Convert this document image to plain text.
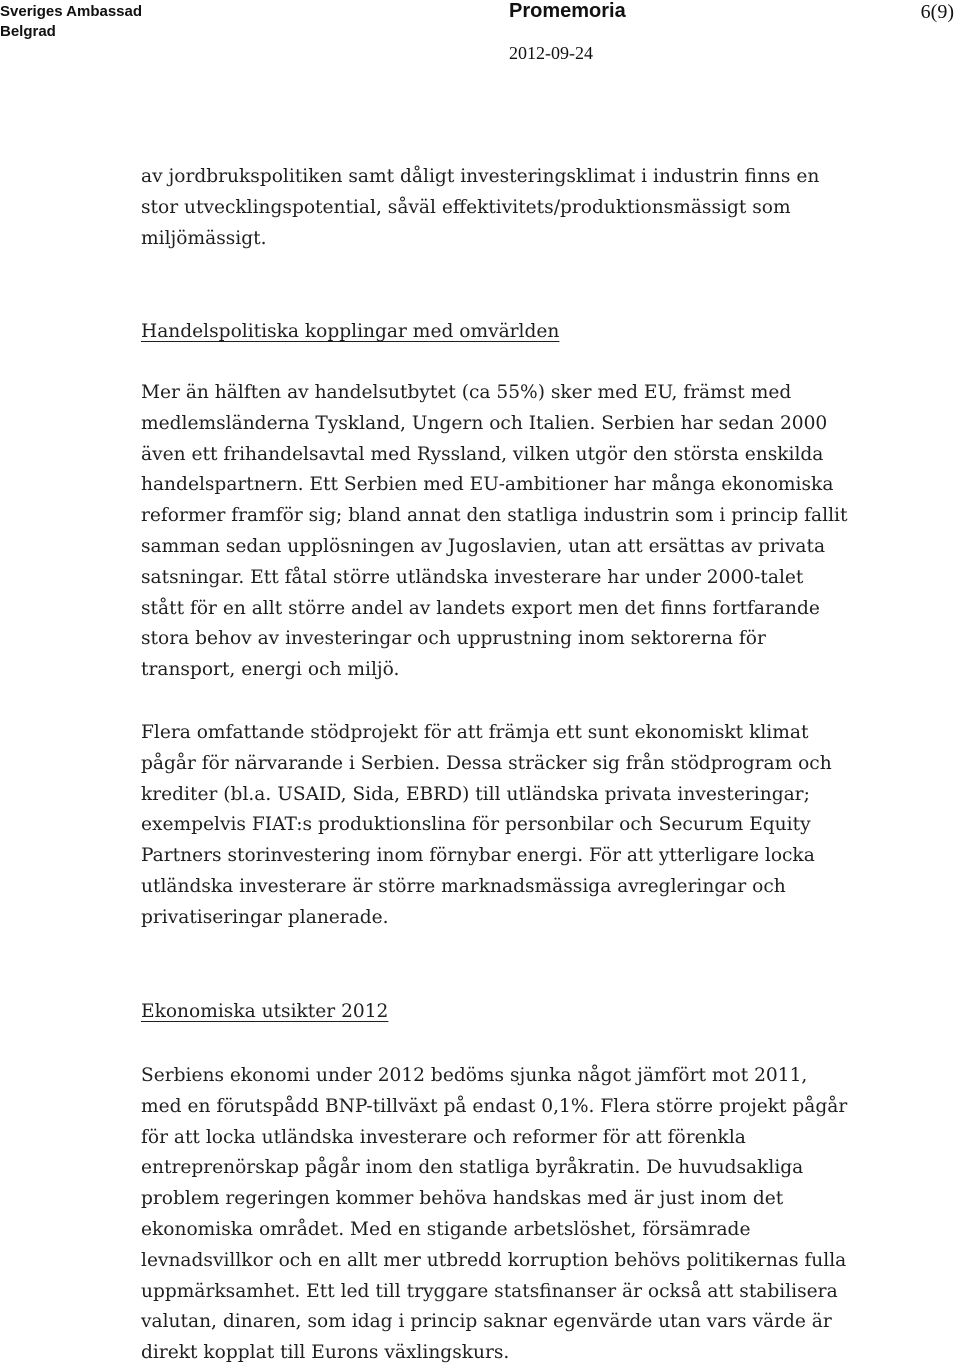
Sveriges Ambassad
Belgrad
Promemoria	6(9)
2012-09-24

av jordbrukspolitiken samt dåligt investeringsklimat i industrin finns en stor utvecklingspotential, såväl effektivitets/produktionsmässigt som miljömässigt.

Handelspolitiska kopplingar med omvärlden

Mer än hälften av handelsutbytet (ca 55%) sker med EU, främst med medlemsländerna Tyskland, Ungern och Italien. Serbien har sedan 2000 även ett frihandelsavtal med Ryssland, vilken utgör den största enskilda handelspartnern. Ett Serbien med EU-ambitioner har många ekonomiska reformer framför sig; bland annat den statliga industrin som i princip fallit samman sedan upplösningen av Jugoslavien, utan att ersättas av privata satsningar. Ett fåtal större utländska investerare har under 2000-talet stått för en allt större andel av landets export men det finns fortfarande stora behov av investeringar och upprustning inom sektorerna för transport, energi och miljö.

Flera omfattande stödprojekt för att främja ett sunt ekonomiskt klimat pågår för närvarande i Serbien. Dessa sträcker sig från stödprogram och krediter (bl.a. USAID, Sida, EBRD) till utländska privata investeringar; exempelvis FIAT:s produktionslina för personbilar och Securum Equity Partners storinvestering inom förnybar energi. För att ytterligare locka utländska investerare är större marknadsmässiga avregleringar och privatiseringar planerade.

Ekonomiska utsikter 2012

Serbiens ekonomi under 2012 bedöms sjunka något jämfört mot 2011, med en förutspådd BNP-tillväxt på endast 0,1%. Flera större projekt pågår för att locka utländska investerare och reformer för att förenkla entreprenörskap pågår inom den statliga byråkratin. De huvudsakliga problem regeringen kommer behöva handskas med är just inom det ekonomiska området. Med en stigande arbetslöshet, försämrade levnadsvillkor och en allt mer utbredd korruption behövs politikernas fulla uppmärksamhet. Ett led till tryggare statsfinanser är också att stabilisera valutan, dinaren, som idag i princip saknar egenvärde utan vars värde är direkt kopplat till Eurons växlingskurs.
